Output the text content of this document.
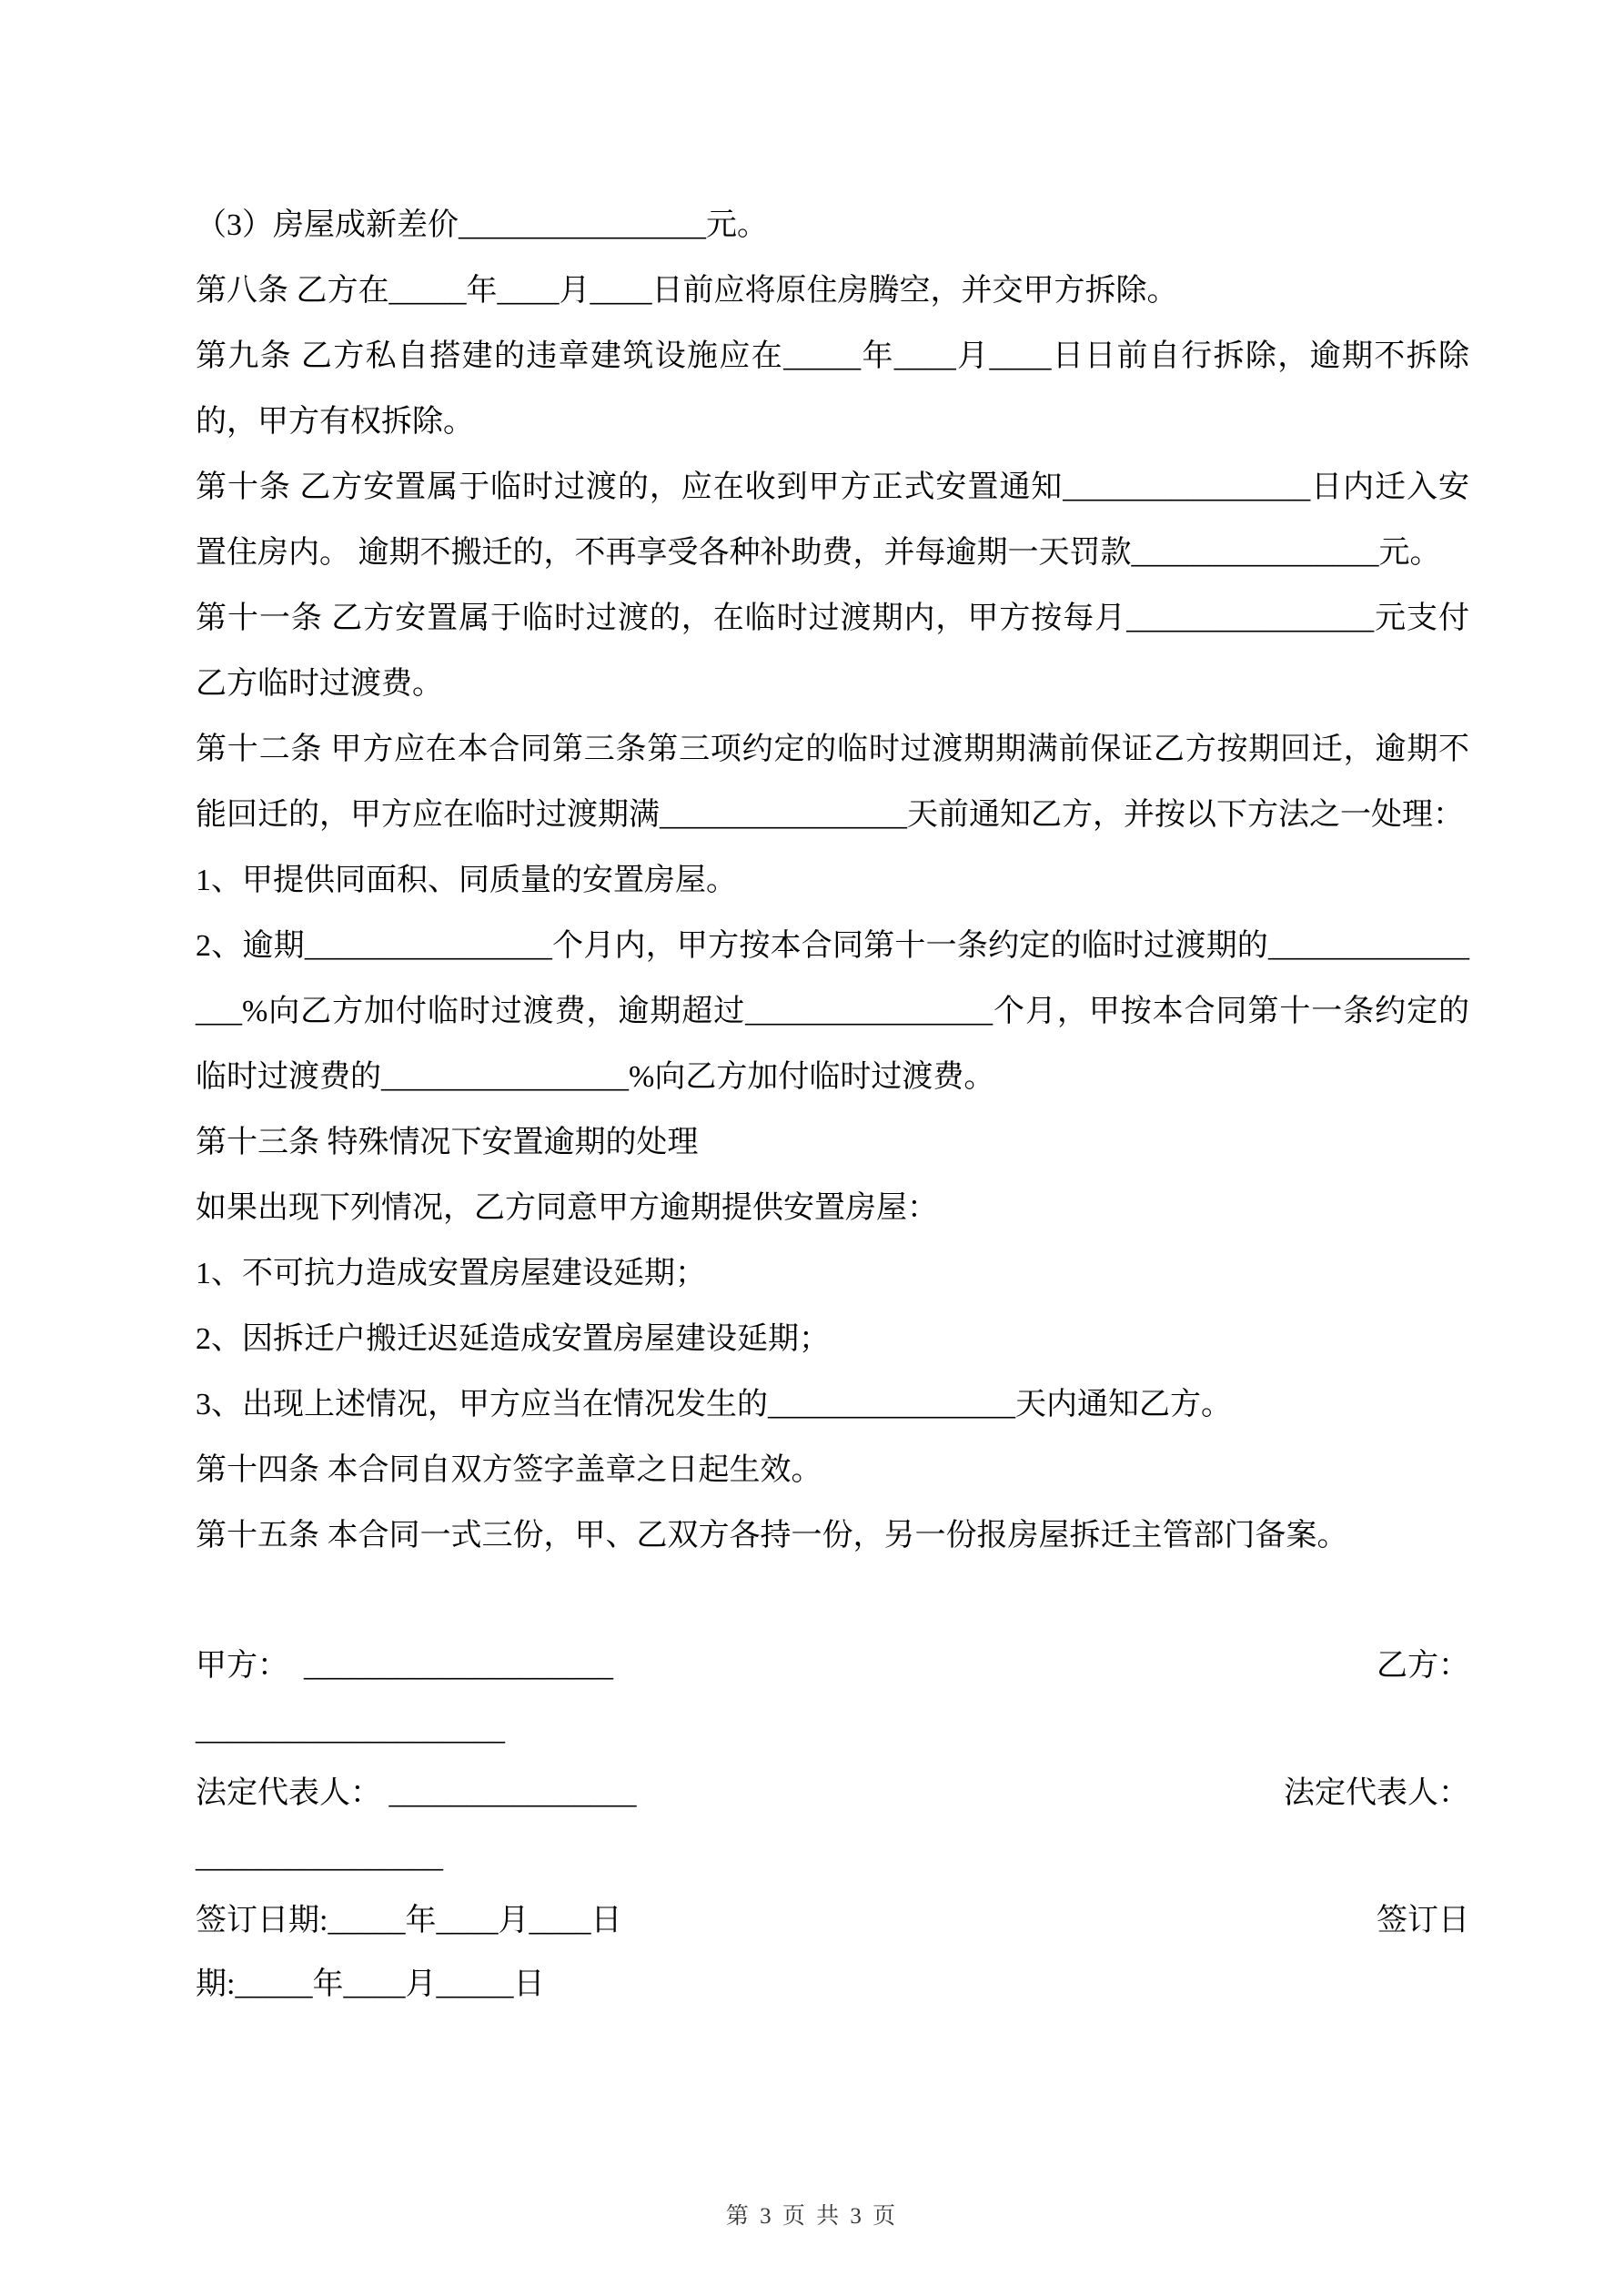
（3）房屋成新差价________________元。

第八条 乙方在_____年____月____日前应将原住房腾空，并交甲方拆除。

第九条 乙方私自搭建的违章建筑设施应在_____年____月____日日前自行拆除，逾期不拆除的，甲方有权拆除。

第十条 乙方安置属于临时过渡的，应在收到甲方正式安置通知________________日内迁入安置住房内。 逾期不搬迁的，不再享受各种补助费，并每逾期一天罚款________________元。

第十一条 乙方安置属于临时过渡的，在临时过渡期内，甲方按每月________________元支付乙方临时过渡费。

第十二条 甲方应在本合同第三条第三项约定的临时过渡期期满前保证乙方按期回迁，逾期不能回迁的，甲方应在临时过渡期满________________天前通知乙方，并按以下方法之一处理：

1、甲提供同面积、同质量的安置房屋。

2、逾期________________个月内，甲方按本合同第十一条约定的临时过渡期的________________%向乙方加付临时过渡费，逾期超过________________个月，甲按本合同第十一条约定的临时过渡费的________________%向乙方加付临时过渡费。

第十三条 特殊情况下安置逾期的处理

如果出现下列情况，乙方同意甲方逾期提供安置房屋：

1、不可抗力造成安置房屋建设延期；

2、因拆迁户搬迁迟延造成安置房屋建设延期；

3、出现上述情况，甲方应当在情况发生的________________天内通知乙方。

第十四条 本合同自双方签字盖章之日起生效。

第十五条 本合同一式三份，甲、乙双方各持一份，另一份报房屋拆迁主管部门备案。

甲方：  ____________________	乙方：
____________________
法定代表人： ________________	法定代表人：
________________
签订日期:_____年____月____日	签订日
期:_____年____月_____日
第 3 页 共 3 页
